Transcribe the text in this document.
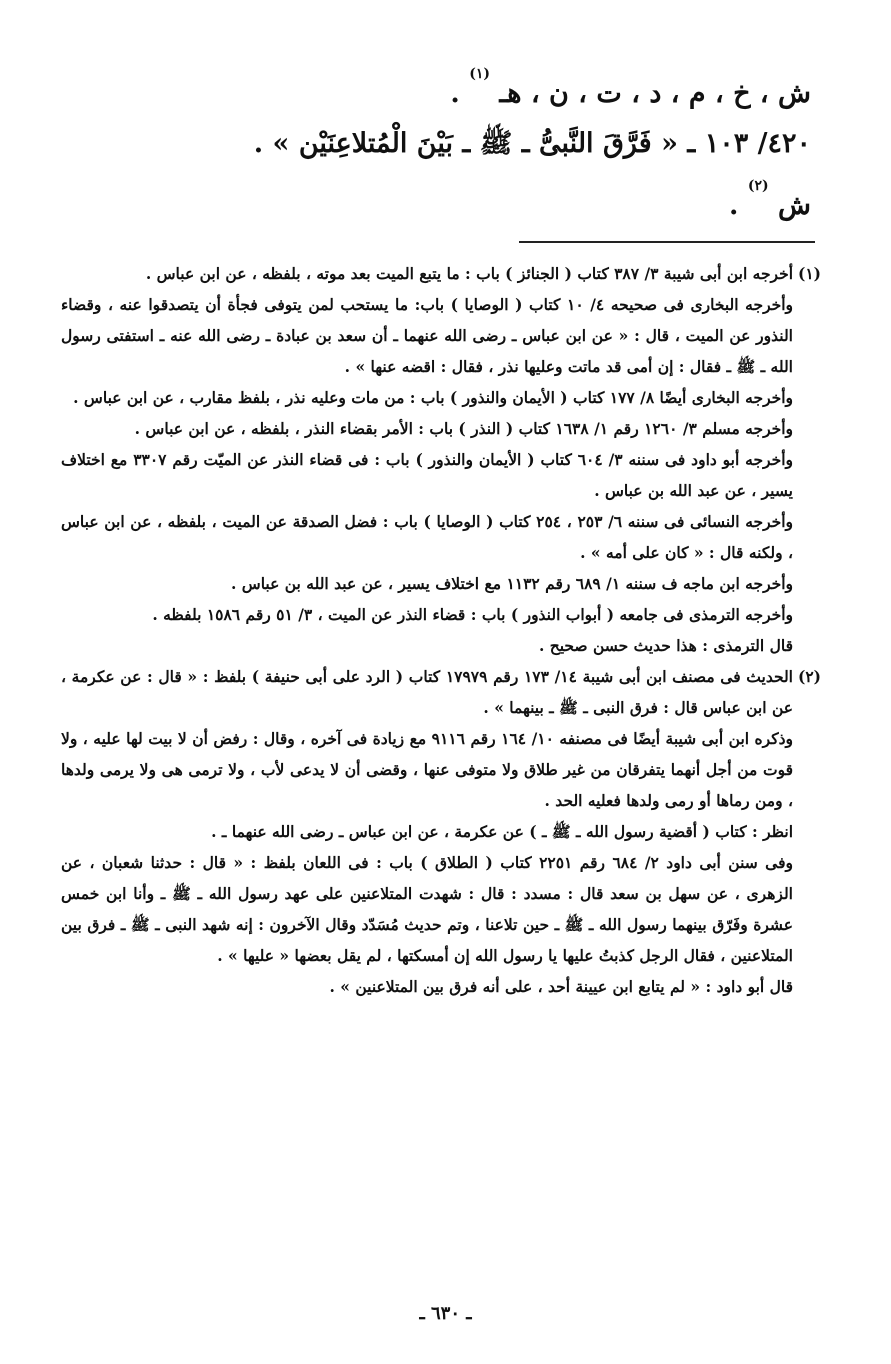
ش ، خ ، م ، د ، ت ، ن ، هـ $^{(١)}$ .
٤٢٠/ ١٠٣ ـ « فَرَّقَ النَّبىُّ ـ ﷺ ـ بَيْنَ الْمُتلاعِنَيْن » .
ش $^{(٢)}$ .

(١)أخرجه ابن أبى شيبة ٣/ ٣٨٧ كتاب ( الجنائز ) باب : ما يتبع الميت بعد موته ، بلفظه ، عن ابن عباس .

وأخرجه البخارى فى صحيحه ٤/ ١٠ كتاب ( الوصايا ) باب: ما يستحب لمن يتوفى فجأة أن يتصدقوا عنه ، وقضاء النذور عن الميت ، قال : « عن ابن عباس ـ رضى الله عنهما ـ أن سعد بن عبادة ـ رضى الله عنه ـ استفتى رسول الله ـ ﷺ ـ فقال : إن أمى قد ماتت وعليها نذر ، فقال : اقضه عنها » .

وأخرجه البخارى أيضًا ٨/ ١٧٧ كتاب ( الأيمان والنذور ) باب : من مات وعليه نذر ، بلفظ مقارب ، عن ابن عباس .

وأخرجه مسلم ٣/ ١٢٦٠ رقم ١/ ١٦٣٨ كتاب ( النذر ) باب : الأمر بقضاء النذر ، بلفظه ، عن ابن عباس .

وأخرجه أبو داود فى سننه ٣/ ٦٠٤ كتاب ( الأيمان والنذور ) باب : فى قضاء النذر عن الميّت رقم ٣٣٠٧ مع اختلاف يسير ، عن عبد الله بن عباس .

وأخرجه النسائى فى سننه ٦/ ٢٥٣ ، ٢٥٤ كتاب ( الوصايا ) باب : فضل الصدقة عن الميت ، بلفظه ، عن ابن عباس ، ولكنه قال : « كان على أمه » .

وأخرجه ابن ماجه ف سننه ١/ ٦٨٩ رقم ١١٣٢ مع اختلاف يسير ، عن عبد الله بن عباس .

وأخرجه الترمذى فى جامعه ( أبواب النذور ) باب : قضاء النذر عن الميت ، ٣/ ٥١ رقم ١٥٨٦ بلفظه .

قال الترمذى : هذا حديث حسن صحيح .

(٢)الحديث فى مصنف ابن أبى شيبة ١٤/ ١٧٣ رقم ١٧٩٧٩ كتاب ( الرد على أبى حنيفة ) بلفظ : « قال : عن عكرمة ، عن ابن عباس قال : فرق النبى ـ ﷺ ـ بينهما » .

وذكره ابن أبى شيبة أيضًا فى مصنفه ١٠/ ١٦٤ رقم ٩١١٦ مع زيادة فى آخره ، وقال : رفض أن لا بيت لها عليه ، ولا قوت من أجل أنهما يتفرقان من غير طلاق ولا متوفى عنها ، وقضى أن لا يدعى لأب ، ولا ترمى هى ولا يرمى ولدها ، ومن رماها أو رمى ولدها فعليه الحد .

انظر : كتاب ( أقضية رسول الله ـ ﷺ ـ ) عن عكرمة ، عن ابن عباس ـ رضى الله عنهما ـ .

وفى سنن أبى داود ٢/ ٦٨٤ رقم ٢٢٥١ كتاب ( الطلاق ) باب : فى اللعان بلفظ : « قال : حدثنا شعبان ، عن الزهرى ، عن سهل بن سعد قال : مسدد : قال : شهدت المتلاعنين على عهد رسول الله ـ ﷺ ـ وأنا ابن خمس عشرة وفَرّق بينهما رسول الله ـ ﷺ ـ حين تلاعنا ، وتم حديث مُسَدّد وقال الآخرون : إنه شهد النبى ـ ﷺ ـ فرق بين المتلاعنين ، فقال الرجل كذبتُ عليها يا رسول الله إن أمسكتها ، لم يقل بعضها « عليها » .

قال أبو داود : « لم يتابع ابن عيينة أحد ، على أنه فرق بين المتلاعنين » .

ـ ٦٣٠ ـ
